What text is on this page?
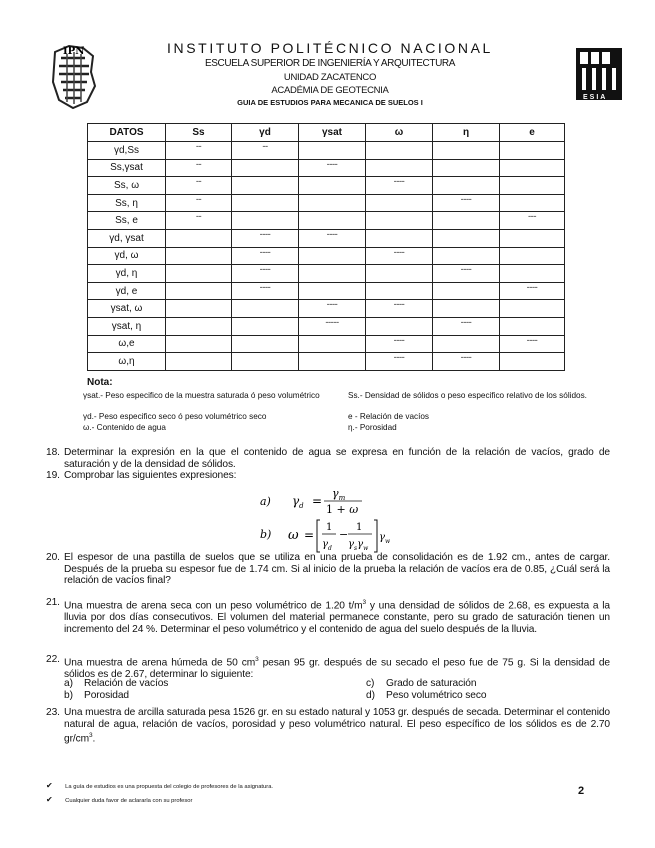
IPN
ESIA
INSTITUTO POLITÉCNICO NACIONAL
ESCUELA SUPERIOR DE INGENIERÍA Y ARQUITECTURA
UNIDAD ZACATENCO
ACADÉMIA DE GEOTECNIA
GUIA DE ESTUDIOS PARA MECANICA DE SUELOS I
DATOS	Ss	γd	γsat	ω	η	e
γd,Ss	--	--				
Ss,γsat	--		----			
Ss, ω	--			----		
Ss, η	--				----	
Ss, e	--					---
γd, γsat		----	----			
γd, ω		----		----		
γd, η		----			----	
γd, e		----				----
γsat, ω			----	----		
γsat, η			-----		----	
ω,e				----		----
ω,η				----	----	
Nota:
γsat.- Peso especifico de la muestra saturada ó peso volumétrico
γd.- Peso especifico seco ó peso volumétrico seco
ω.- Contenido de agua
Ss.- Densidad de sólidos o peso especifico relativo de los sólidos.
e - Relación de vacíos
η.- Porosidad
18. Determinar la expresión en la que el contenido de agua se expresa en función de la relación de vacíos, grado de saturación y de la densidad de sólidos.
19. Comprobar las siguientes expresiones:
a) $\gamma_d$ =
$\gamma_m$
1 + ω
b) ω =
1
$\gamma_d$
−
1
$\gamma_s\gamma_w$
$\gamma_w$
20. El espesor de una pastilla de suelos que se utiliza en una prueba de consolidación es de 1.92 cm., antes de cargar. Después de la prueba su espesor fue de 1.74 cm. Si al inicio de la prueba la relación de vacíos era de 0.85, ¿Cuál será la relación de vacíos final?
21. Una muestra de arena seca con un peso volumétrico de 1.20 $t/m^3$ y una densidad de sólidos de 2.68, es expuesta a la lluvia por dos días consecutivos. El volumen del material permanece constante, pero su grado de saturación tienen un incremento del 24 %. Determinar el peso volumétrico y el contenido de agua del suelo después de la lluvia.
22. Una muestra de arena húmeda de 50 $cm^3$ pesan 95 gr. después de su secado el peso fue de 75 g. Si la densidad de sólidos es de 2.67, determinar lo siguiente:
a) Relación de vacíos
b) Porosidad
c) Grado de saturación
d) Peso volumétrico seco
23. Una muestra de arcilla saturada pesa 1526 gr. en su estado natural y 1053 gr. después de secada. Determinar el contenido natural de agua, relación de vacíos, porosidad y peso volumétrico natural. El peso específico de los sólidos es de 2.70 $gr/cm^3$.
✔ La guía de estudios es una propuesta del colegio de profesores de la asignatura.
✔ Cualquier duda favor de aclararla con su profesor
2
